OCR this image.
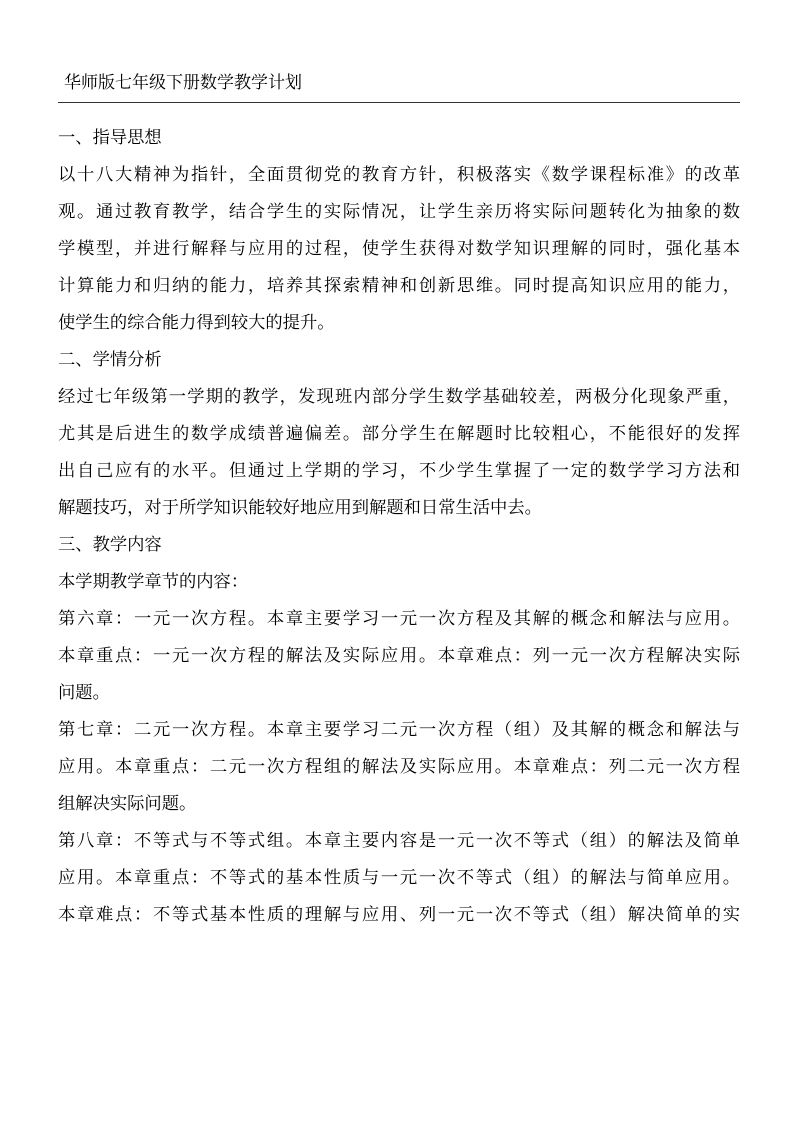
华师版七年级下册数学教学计划
一、指导思想
以十八大精神为指针，全面贯彻党的教育方针，积极落实《数学课程标准》的改革
观。通过教育教学，结合学生的实际情况，让学生亲历将实际问题转化为抽象的数
学模型，并进行解释与应用的过程，使学生获得对数学知识理解的同时，强化基本
计算能力和归纳的能力，培养其探索精神和创新思维。同时提高知识应用的能力，
使学生的综合能力得到较大的提升。
二、学情分析
经过七年级第一学期的教学，发现班内部分学生数学基础较差，两极分化现象严重，
尤其是后进生的数学成绩普遍偏差。部分学生在解题时比较粗心，不能很好的发挥
出自己应有的水平。但通过上学期的学习，不少学生掌握了一定的数学学习方法和
解题技巧，对于所学知识能较好地应用到解题和日常生活中去。
三、教学内容
本学期教学章节的内容：
第六章：一元一次方程。本章主要学习一元一次方程及其解的概念和解法与应用。
本章重点：一元一次方程的解法及实际应用。本章难点：列一元一次方程解决实际
问题。
第七章：二元一次方程。本章主要学习二元一次方程（组）及其解的概念和解法与
应用。本章重点：二元一次方程组的解法及实际应用。本章难点：列二元一次方程
组解决实际问题。
第八章：不等式与不等式组。本章主要内容是一元一次不等式（组）的解法及简单
应用。本章重点：不等式的基本性质与一元一次不等式（组）的解法与简单应用。
本章难点：不等式基本性质的理解与应用、列一元一次不等式（组）解决简单的实
